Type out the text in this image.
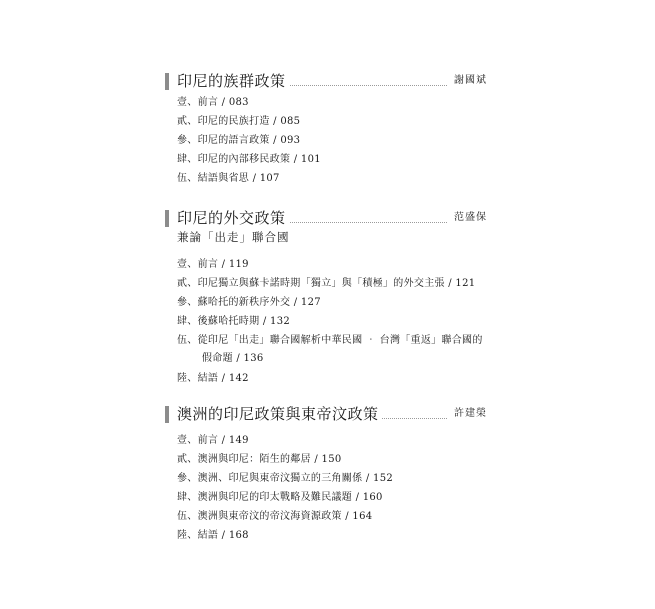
印尼的族群政策	謝國斌
壹、前言 / 083
貳、印尼的民族打造 / 085
參、印尼的語言政策 / 093
肆、印尼的內部移民政策 / 101
伍、結語與省思 / 107
印尼的外交政策	范盛保
兼論「出走」聯合國
壹、前言 / 119
貳、印尼獨立與蘇卡諾時期「獨立」與「積極」的外交主張 / 121
參、蘇哈托的新秩序外交 / 127
肆、後蘇哈托時期 / 132
伍、從印尼「出走」聯合國解析中華民國 ‧ 台灣「重返」聯合國的
假命題 / 136
陸、結語 / 142
澳洲的印尼政策與東帝汶政策	許建榮
壹、前言 / 149
貳、澳洲與印尼：陌生的鄰居 / 150
參、澳洲、印尼與東帝汶獨立的三角關係 / 152
肆、澳洲與印尼的印太戰略及難民議題 / 160
伍、澳洲與東帝汶的帝汶海資源政策 / 164
陸、結語 / 168
